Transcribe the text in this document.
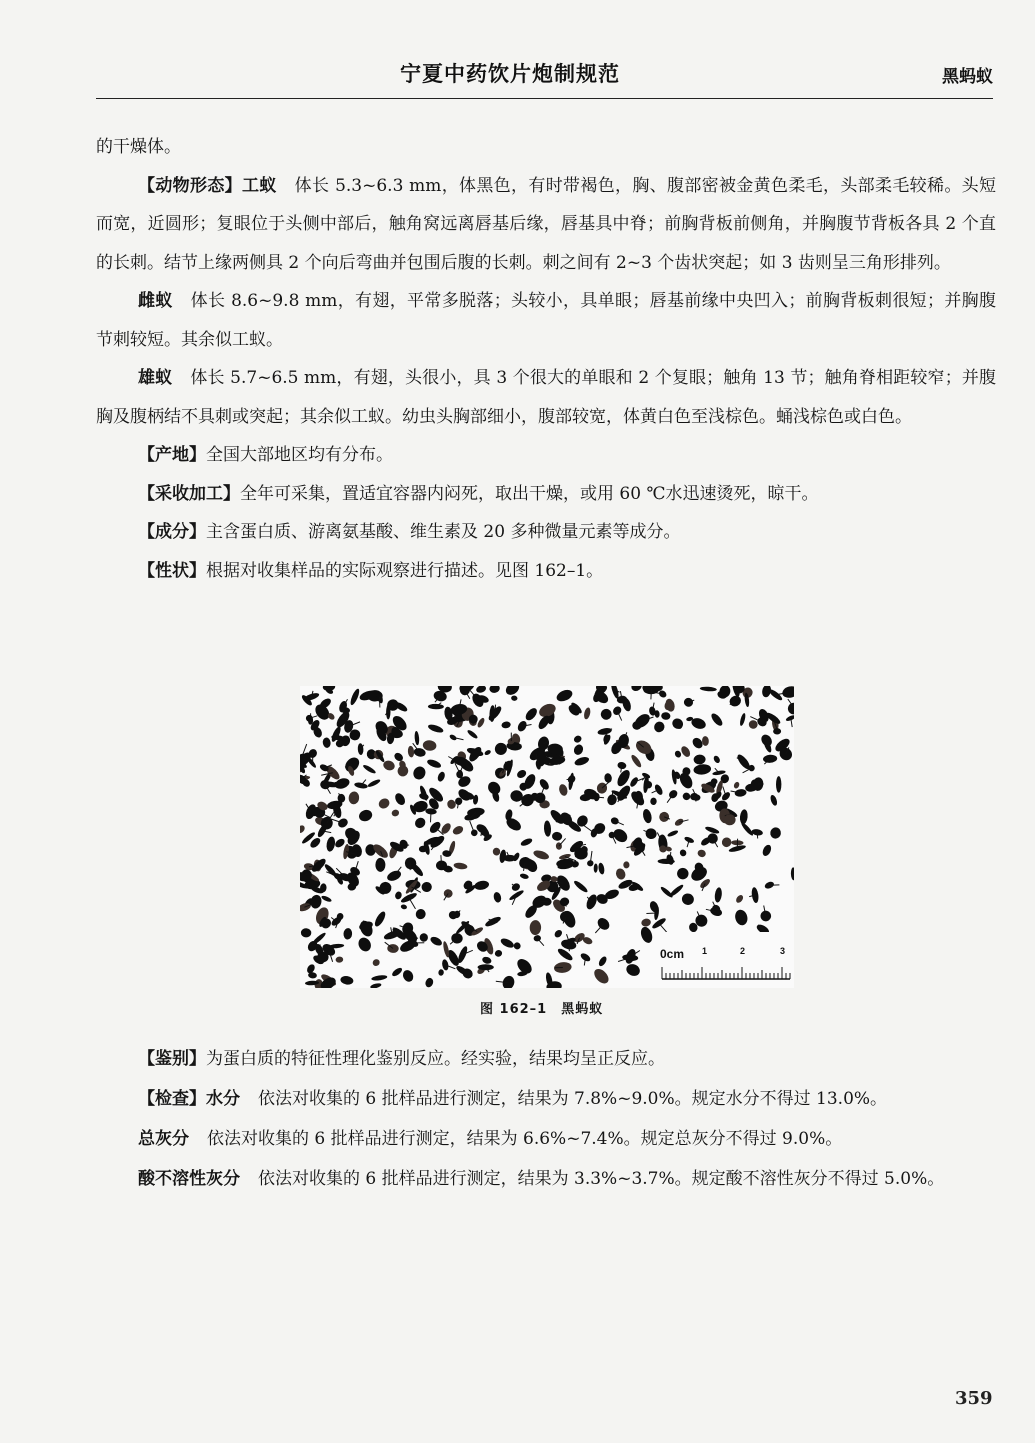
宁夏中药饮片炮制规范	黑蚂蚁

的干燥体。

【动物形态】工蚁 体长 5.3~6.3 mm，体黑色，有时带褐色，胸、腹部密被金黄色柔毛，头部柔毛较稀。头短而宽，近圆形；复眼位于头侧中部后，触角窝远离唇基后缘，唇基具中脊；前胸背板前侧角，并胸腹节背板各具 2 个直的长刺。结节上缘两侧具 2 个向后弯曲并包围后腹的长刺。刺之间有 2~3 个齿状突起；如 3 齿则呈三角形排列。

雌蚁 体长 8.6~9.8 mm，有翅，平常多脱落；头较小，具单眼；唇基前缘中央凹入；前胸背板刺很短；并胸腹节刺较短。其余似工蚁。

雄蚁 体长 5.7~6.5 mm，有翅，头很小，具 3 个很大的单眼和 2 个复眼；触角 13 节；触角脊相距较窄；并腹胸及腹柄结不具刺或突起；其余似工蚁。幼虫头胸部细小，腹部较宽，体黄白色至浅棕色。蛹浅棕色或白色。

【产地】全国大部地区均有分布。

【采收加工】全年可采集，置适宜容器内闷死，取出干燥，或用 60 ℃水迅速烫死，晾干。

【成分】主含蛋白质、游离氨基酸、维生素及 20 多种微量元素等成分。

【性状】根据对收集样品的实际观察进行描述。见图 162–1。

0cm 1	2	3
图 162–1 黑蚂蚁

【鉴别】为蛋白质的特征性理化鉴别反应。经实验，结果均呈正反应。

【检查】水分 依法对收集的 6 批样品进行测定，结果为 7.8%~9.0%。规定水分不得过 13.0%。

总灰分 依法对收集的 6 批样品进行测定，结果为 6.6%~7.4%。规定总灰分不得过 9.0%。

酸不溶性灰分 依法对收集的 6 批样品进行测定，结果为 3.3%~3.7%。规定酸不溶性灰分不得过 5.0%。

359
